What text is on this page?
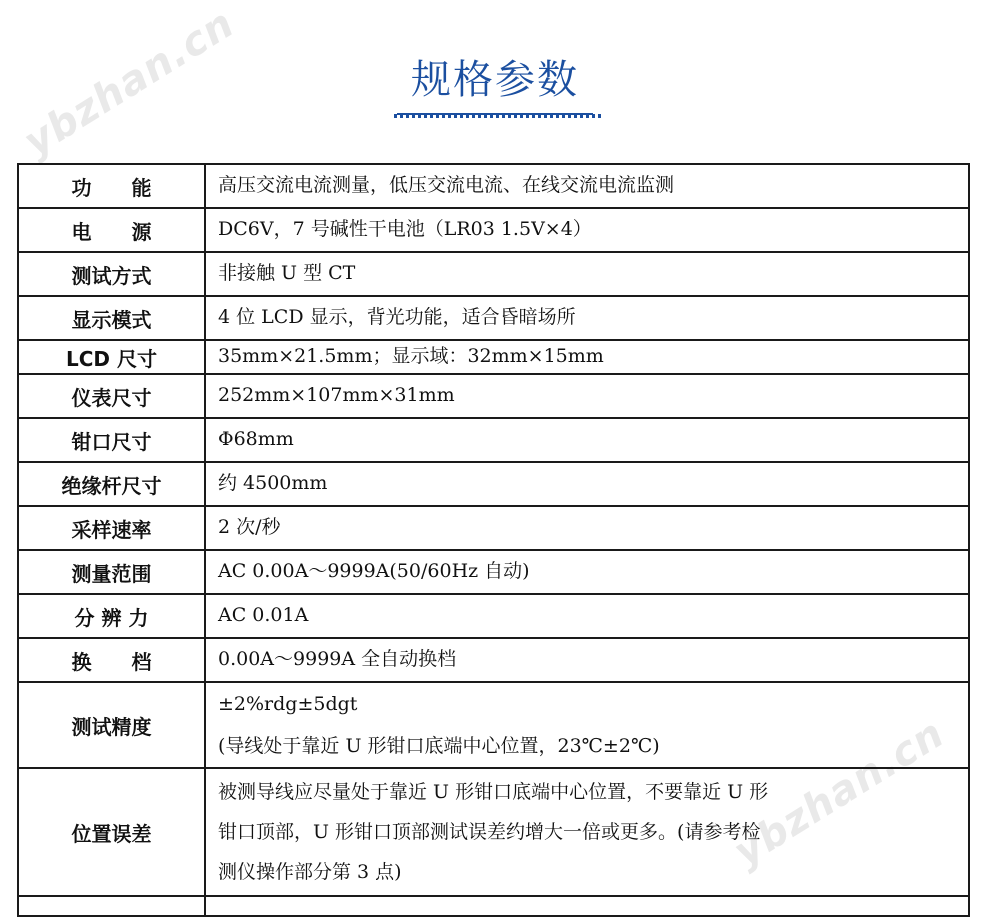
ybzhan.cn
ybzhan.cn
规格参数
功　　能	高压交流电流测量，低压交流电流、在线交流电流监测
电　　源	DC6V，7 号碱性干电池（LR03 1.5V×4）
测试方式	非接触 U 型 CT
显示模式	4 位 LCD 显示，背光功能，适合昏暗场所
LCD 尺寸	35mm×21.5mm；显示域：32mm×15mm
仪表尺寸	252mm×107mm×31mm
钳口尺寸	Φ68mm
绝缘杆尺寸	约 4500mm
采样速率	2 次/秒
测量范围	AC 0.00A～9999A(50/60Hz 自动)
分 辨 力	AC 0.01A
换　　档	0.00A～9999A 全自动换档
测试精度	±2%rdg±5dgt
(导线处于靠近 U 形钳口底端中心位置，23℃±2℃)

位置误差	被测导线应尽量处于靠近 U 形钳口底端中心位置，不要靠近 U 形
钳口顶部，U 形钳口顶部测试误差约增大一倍或更多。(请参考检
测仪操作部分第 3 点)
